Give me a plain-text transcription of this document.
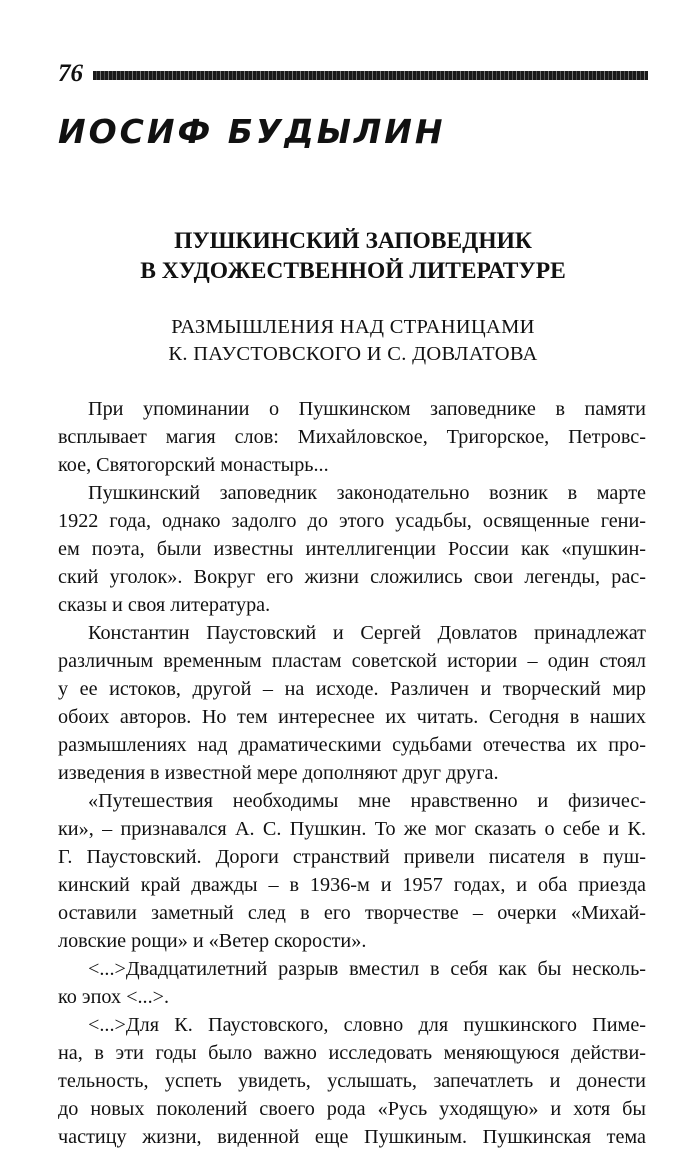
76
ИОСИФ БУДЫЛИН
ПУШКИНСКИЙ ЗАПОВЕДНИК
В ХУДОЖЕСТВЕННОЙ ЛИТЕРАТУРЕ
РАЗМЫШЛЕНИЯ НАД СТРАНИЦАМИ
К. ПАУСТОВСКОГО И С. ДОВЛАТОВА
При упоминании о Пушкинском заповеднике в памяти
всплывает магия слов: Михайловское, Тригорское, Петровс-
кое, Святогорский монастырь...
Пушкинский заповедник законодательно возник в марте
1922 года, однако задолго до этого усадьбы, освященные гени-
ем поэта, были известны интеллигенции России как «пушкин-
ский уголок». Вокруг его жизни сложились свои легенды, рас-
сказы и своя литература.
Константин Паустовский и Сергей Довлатов принадлежат
различным временным пластам советской истории – один стоял
у ее истоков, другой – на исходе. Различен и творческий мир
обоих авторов. Но тем интереснее их читать. Сегодня в наших
размышлениях над драматическими судьбами отечества их про-
изведения в известной мере дополняют друг друга.
«Путешествия необходимы мне нравственно и физичес-
ки», – признавался А. С. Пушкин. То же мог сказать о себе и К.
Г. Паустовский. Дороги странствий привели писателя в пуш-
кинский край дважды – в 1936-м и 1957 годах, и оба приезда
оставили заметный след в его творчестве – очерки «Михай-
ловские рощи» и «Ветер скорости».
<...>Двадцатилетний разрыв вместил в себя как бы несколь-
ко эпох <...>.
<...>Для К. Паустовского, словно для пушкинского Пиме-
на, в эти годы было важно исследовать меняющуюся действи-
тельность, успеть увидеть, услышать, запечатлеть и донести
до новых поколений своего рода «Русь уходящую» и хотя бы
частицу жизни, виденной еще Пушкиным. Пушкинская тема
